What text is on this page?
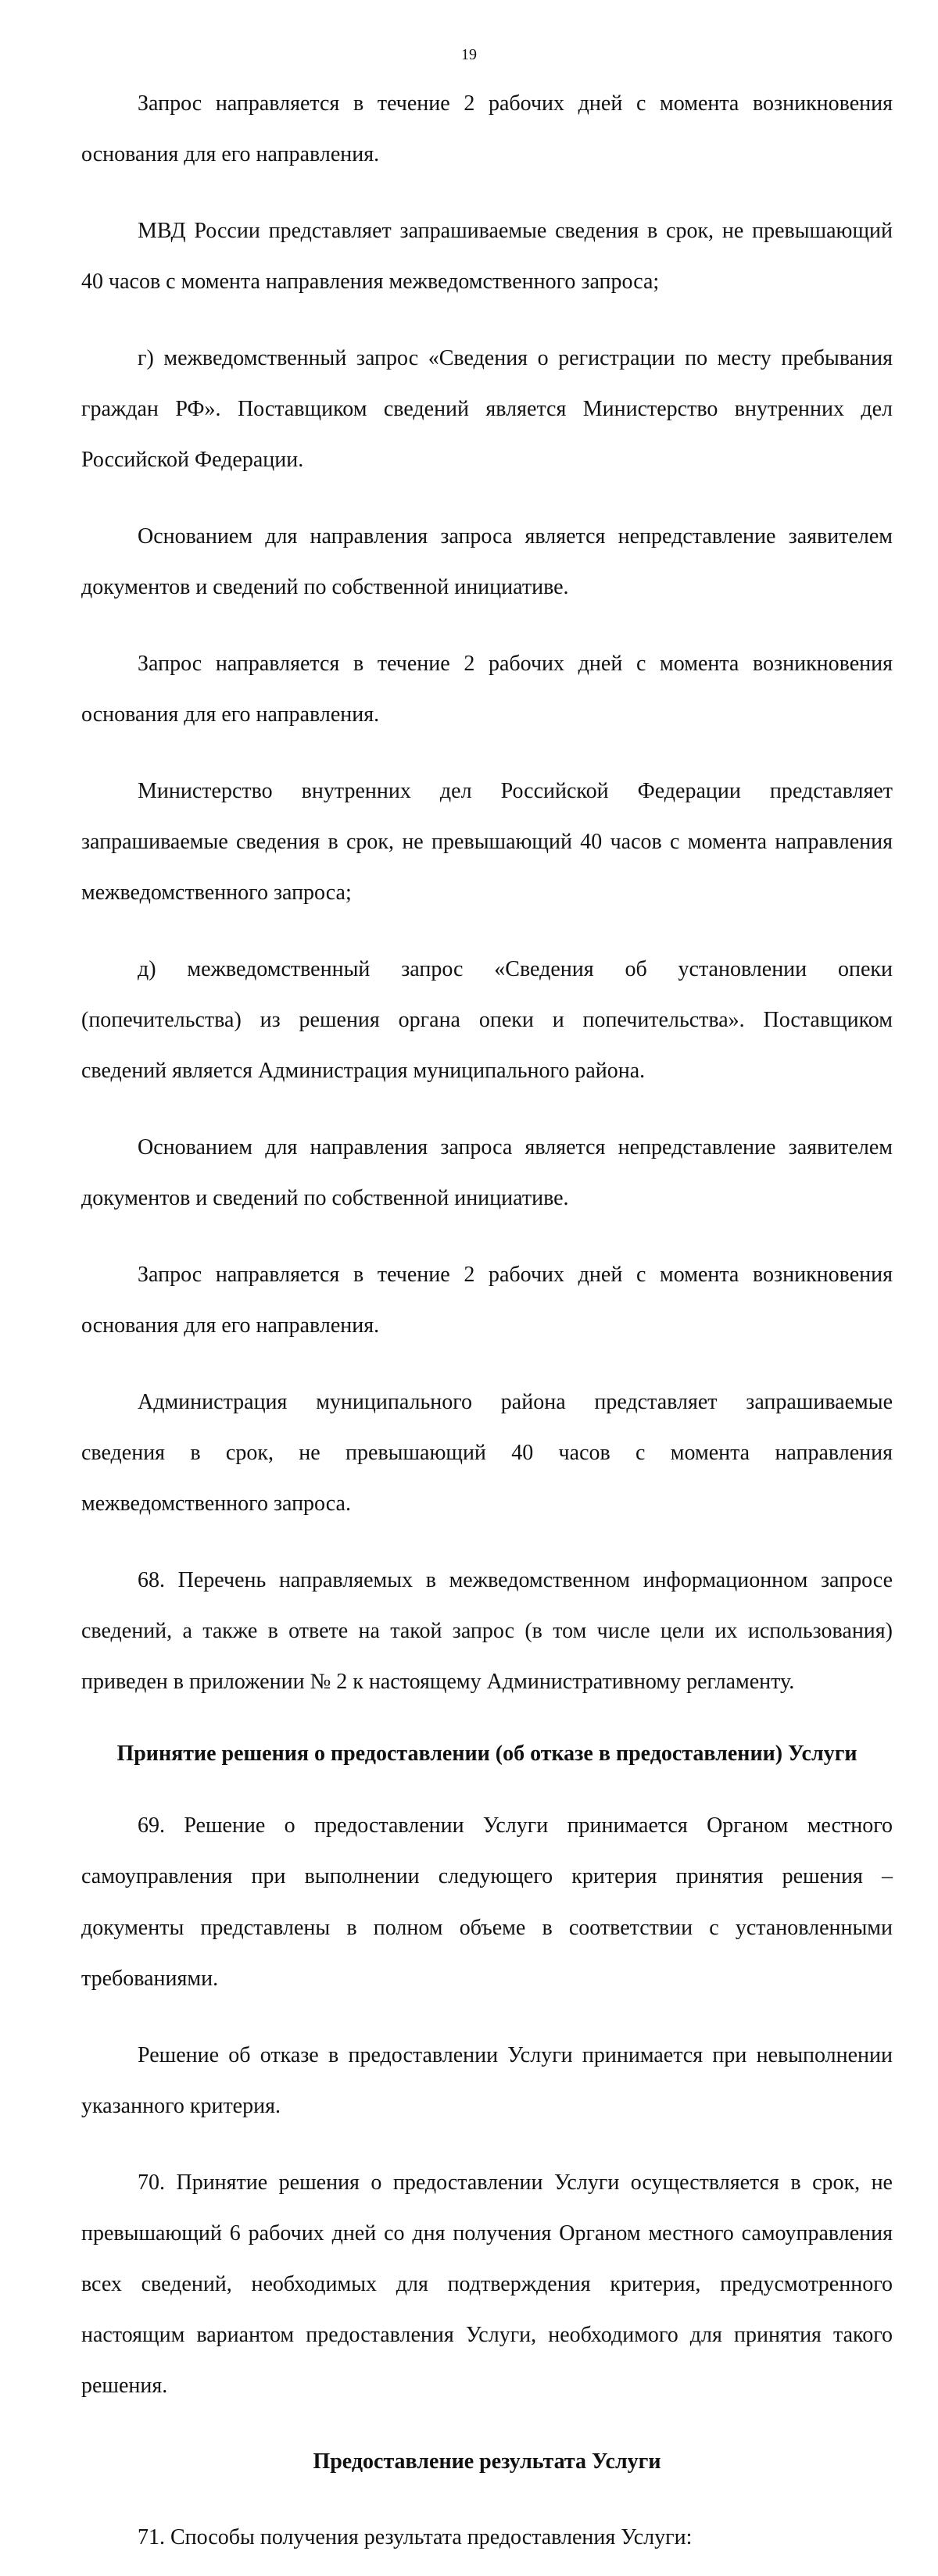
19

Запрос направляется в течение 2 рабочих дней с момента возникновения

основания для его направления.

МВД России представляет запрашиваемые сведения в срок, не превышающий

40 часов с момента направления межведомственного запроса;

г) межведомственный запрос «Сведения о регистрации по месту пребывания

граждан РФ». Поставщиком сведений является Министерство внутренних дел

Российской Федерации.

Основанием для направления запроса является непредставление заявителем

документов и сведений по собственной инициативе.

Запрос направляется в течение 2 рабочих дней с момента возникновения

основания для его направления.

Министерство внутренних дел Российской Федерации представляет

запрашиваемые сведения в срок, не превышающий 40 часов с момента направления

межведомственного запроса;

д) межведомственный запрос «Сведения об установлении опеки

(попечительства) из решения органа опеки и попечительства». Поставщиком

сведений является Администрация муниципального района.

Основанием для направления запроса является непредставление заявителем

документов и сведений по собственной инициативе.

Запрос направляется в течение 2 рабочих дней с момента возникновения

основания для его направления.

Администрация муниципального района представляет запрашиваемые

сведения в срок, не превышающий 40 часов с момента направления

межведомственного запроса.

68. Перечень направляемых в межведомственном информационном запросе

сведений, а также в ответе на такой запрос (в том числе цели их использования)

приведен в приложении № 2 к настоящему Административному регламенту.

Принятие решения о предоставлении (об отказе в предоставлении) Услуги

69. Решение о предоставлении Услуги принимается Органом местного

самоуправления при выполнении следующего критерия принятия решения –

документы представлены в полном объеме в соответствии с установленными

требованиями.

Решение об отказе в предоставлении Услуги принимается при невыполнении

указанного критерия.

70. Принятие решения о предоставлении Услуги осуществляется в срок, не

превышающий 6 рабочих дней со дня получения Органом местного самоуправления

всех сведений, необходимых для подтверждения критерия, предусмотренного

настоящим вариантом предоставления Услуги, необходимого для принятия такого

решения.

Предоставление результата Услуги

71. Способы получения результата предоставления Услуги:
